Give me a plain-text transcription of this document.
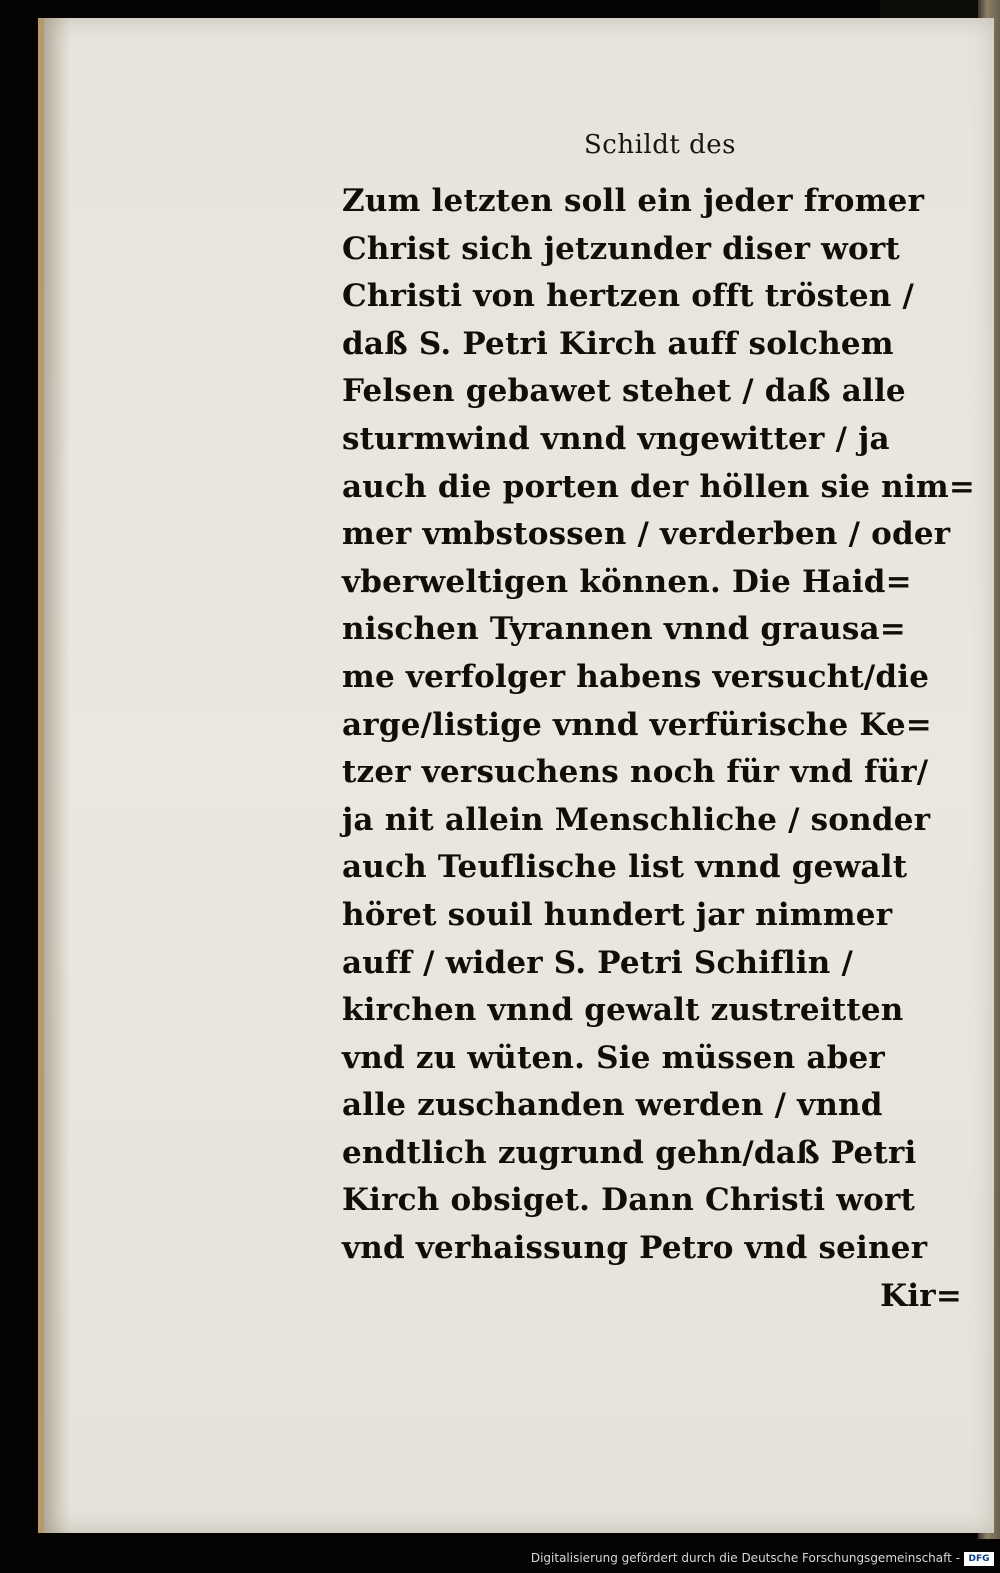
Schildt des
Zum letzten soll ein jeder fromer
Christ sich jetzunder diser wort
Christi von hertzen offt trösten /
daß S. Petri Kirch auff solchem
Felsen gebawet stehet / daß alle
sturmwind vnnd vngewitter / ja
auch die porten der höllen sie nim=
mer vmbstossen / verderben / oder
vberweltigen können. Die Haid=
nischen Tyrannen vnnd grausa=
me verfolger habens versucht/die
arge/listige vnnd verfürische Ke=
tzer versuchens noch für vnd für/
ja nit allein Menschliche / sonder
auch Teuflische list vnnd gewalt
höret souil hundert jar nimmer
auff / wider S. Petri Schiflin /
kirchen vnnd gewalt zustreitten
vnd zu wüten. Sie müssen aber
alle zuschanden werden / vnnd
endtlich zugrund gehn/daß Petri
Kirch obsiget. Dann Christi wort
vnd verhaissung Petro vnd seiner
Kir=
Digitalisierung gefördert durch die Deutsche Forschungsgemeinschaft - DFG
